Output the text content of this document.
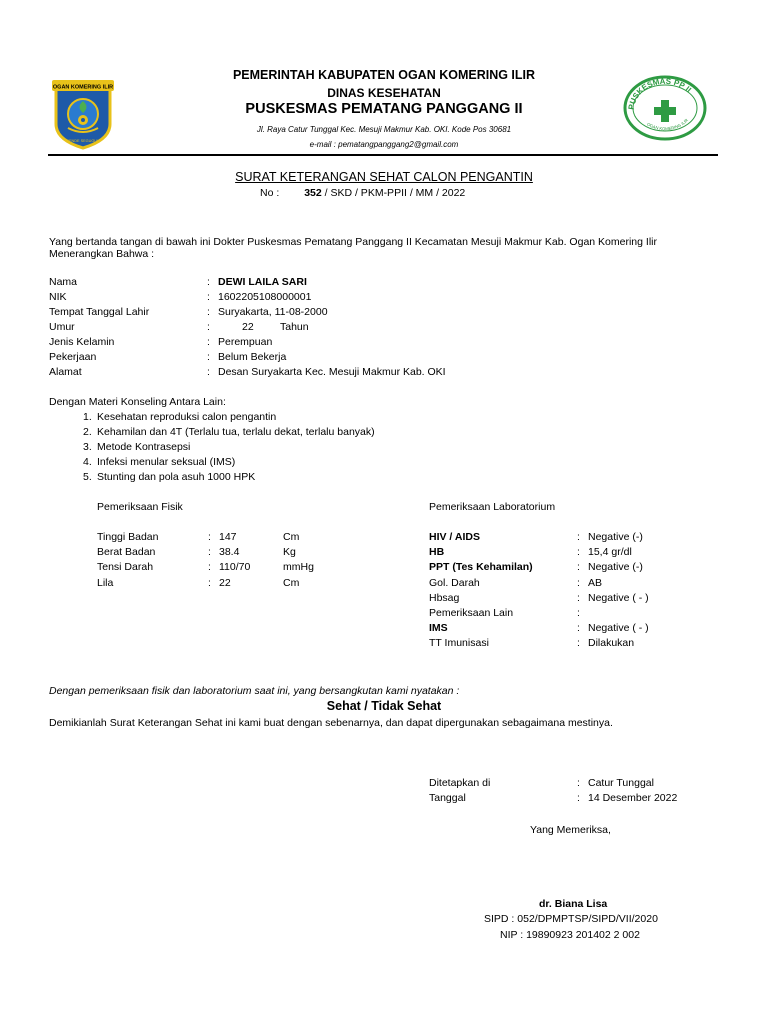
OGAN KOMERING ILIR
BENDE SEGUGUK
PEMERINTAH KABUPATEN OGAN KOMERING ILIR
DINAS KESEHATAN
PUSKESMAS PEMATANG PANGGANG II
Jl. Raya Catur Tunggal Kec. Mesuji Makmur Kab. OKI. Kode Pos 30681
e-mail : pematangpanggang2@gmail.com
PUSKESMAS PP II
OGAN KOMERING ILIR
SURAT KETERANGAN SEHAT CALON PENGANTIN
No : 352 / SKD / PKM-PPII / MM / 2022
Yang bertanda tangan di bawah ini Dokter Puskesmas Pematang Panggang II Kecamatan Mesuji Makmur Kab. Ogan Komering Ilir
Menerangkan Bahwa :
Nama	: DEWI LAILA SARI
NIK	: 1602205108000001
Tempat Tanggal Lahir	: Suryakarta, 11-08-2000
Umur	:	22	Tahun
Jenis Kelamin	: Perempuan
Pekerjaan	: Belum Bekerja
Alamat	: Desan Suryakarta Kec. Mesuji Makmur Kab. OKI
Dengan Materi Konseling Antara Lain:
1. Kesehatan reproduksi calon pengantin
2. Kehamilan dan 4T (Terlalu tua, terlalu dekat, terlalu banyak)
3. Metode Kontrasepsi
4. Infeksi menular seksual (IMS)
5. Stunting dan pola asuh 1000 HPK
Pemeriksaan Fisik
Tinggi Badan	: 147	Cm
Berat Badan	: 38.4	Kg
Tensi Darah	: 110/70	mmHg
Lila	: 22	Cm
Pemeriksaan Laboratorium
HIV / AIDS	: Negative (-)
HB	: 15,4 gr/dl
PPT (Tes Kehamilan)	: Negative (-)
Gol. Darah	: AB
Hbsag	: Negative ( - )
Pemeriksaan Lain	:
IMS	: Negative ( - )
TT Imunisasi	: Dilakukan
Dengan pemeriksaan fisik dan laboratorium saat ini, yang bersangkutan kami nyatakan :
Sehat / Tidak Sehat
Demikianlah Surat Keterangan Sehat ini kami buat dengan sebenarnya, dan dapat dipergunakan sebagaimana mestinya.
Ditetapkan di	: Catur Tunggal
Tanggal	: 14 Desember 2022
Yang Memeriksa,
dr. Biana Lisa
SIPD : 052/DPMPTSP/SIPD/VII/2020
NIP : 19890923 201402 2 002
